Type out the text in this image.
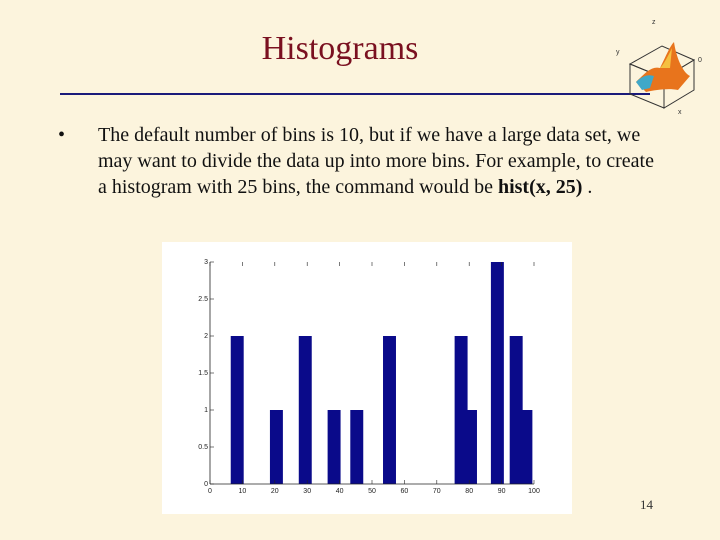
Histograms
z
y
0
x
• The default number of bins is 10, but if we have a large data set, we may want to divide the data up into more bins. For example, to create a histogram with 25 bins, the command would be hist(x, 25) .
0
0.5
1
1.5
2
2.5
3
0	10	20	30	40	50	60	70	80	90	100
14
